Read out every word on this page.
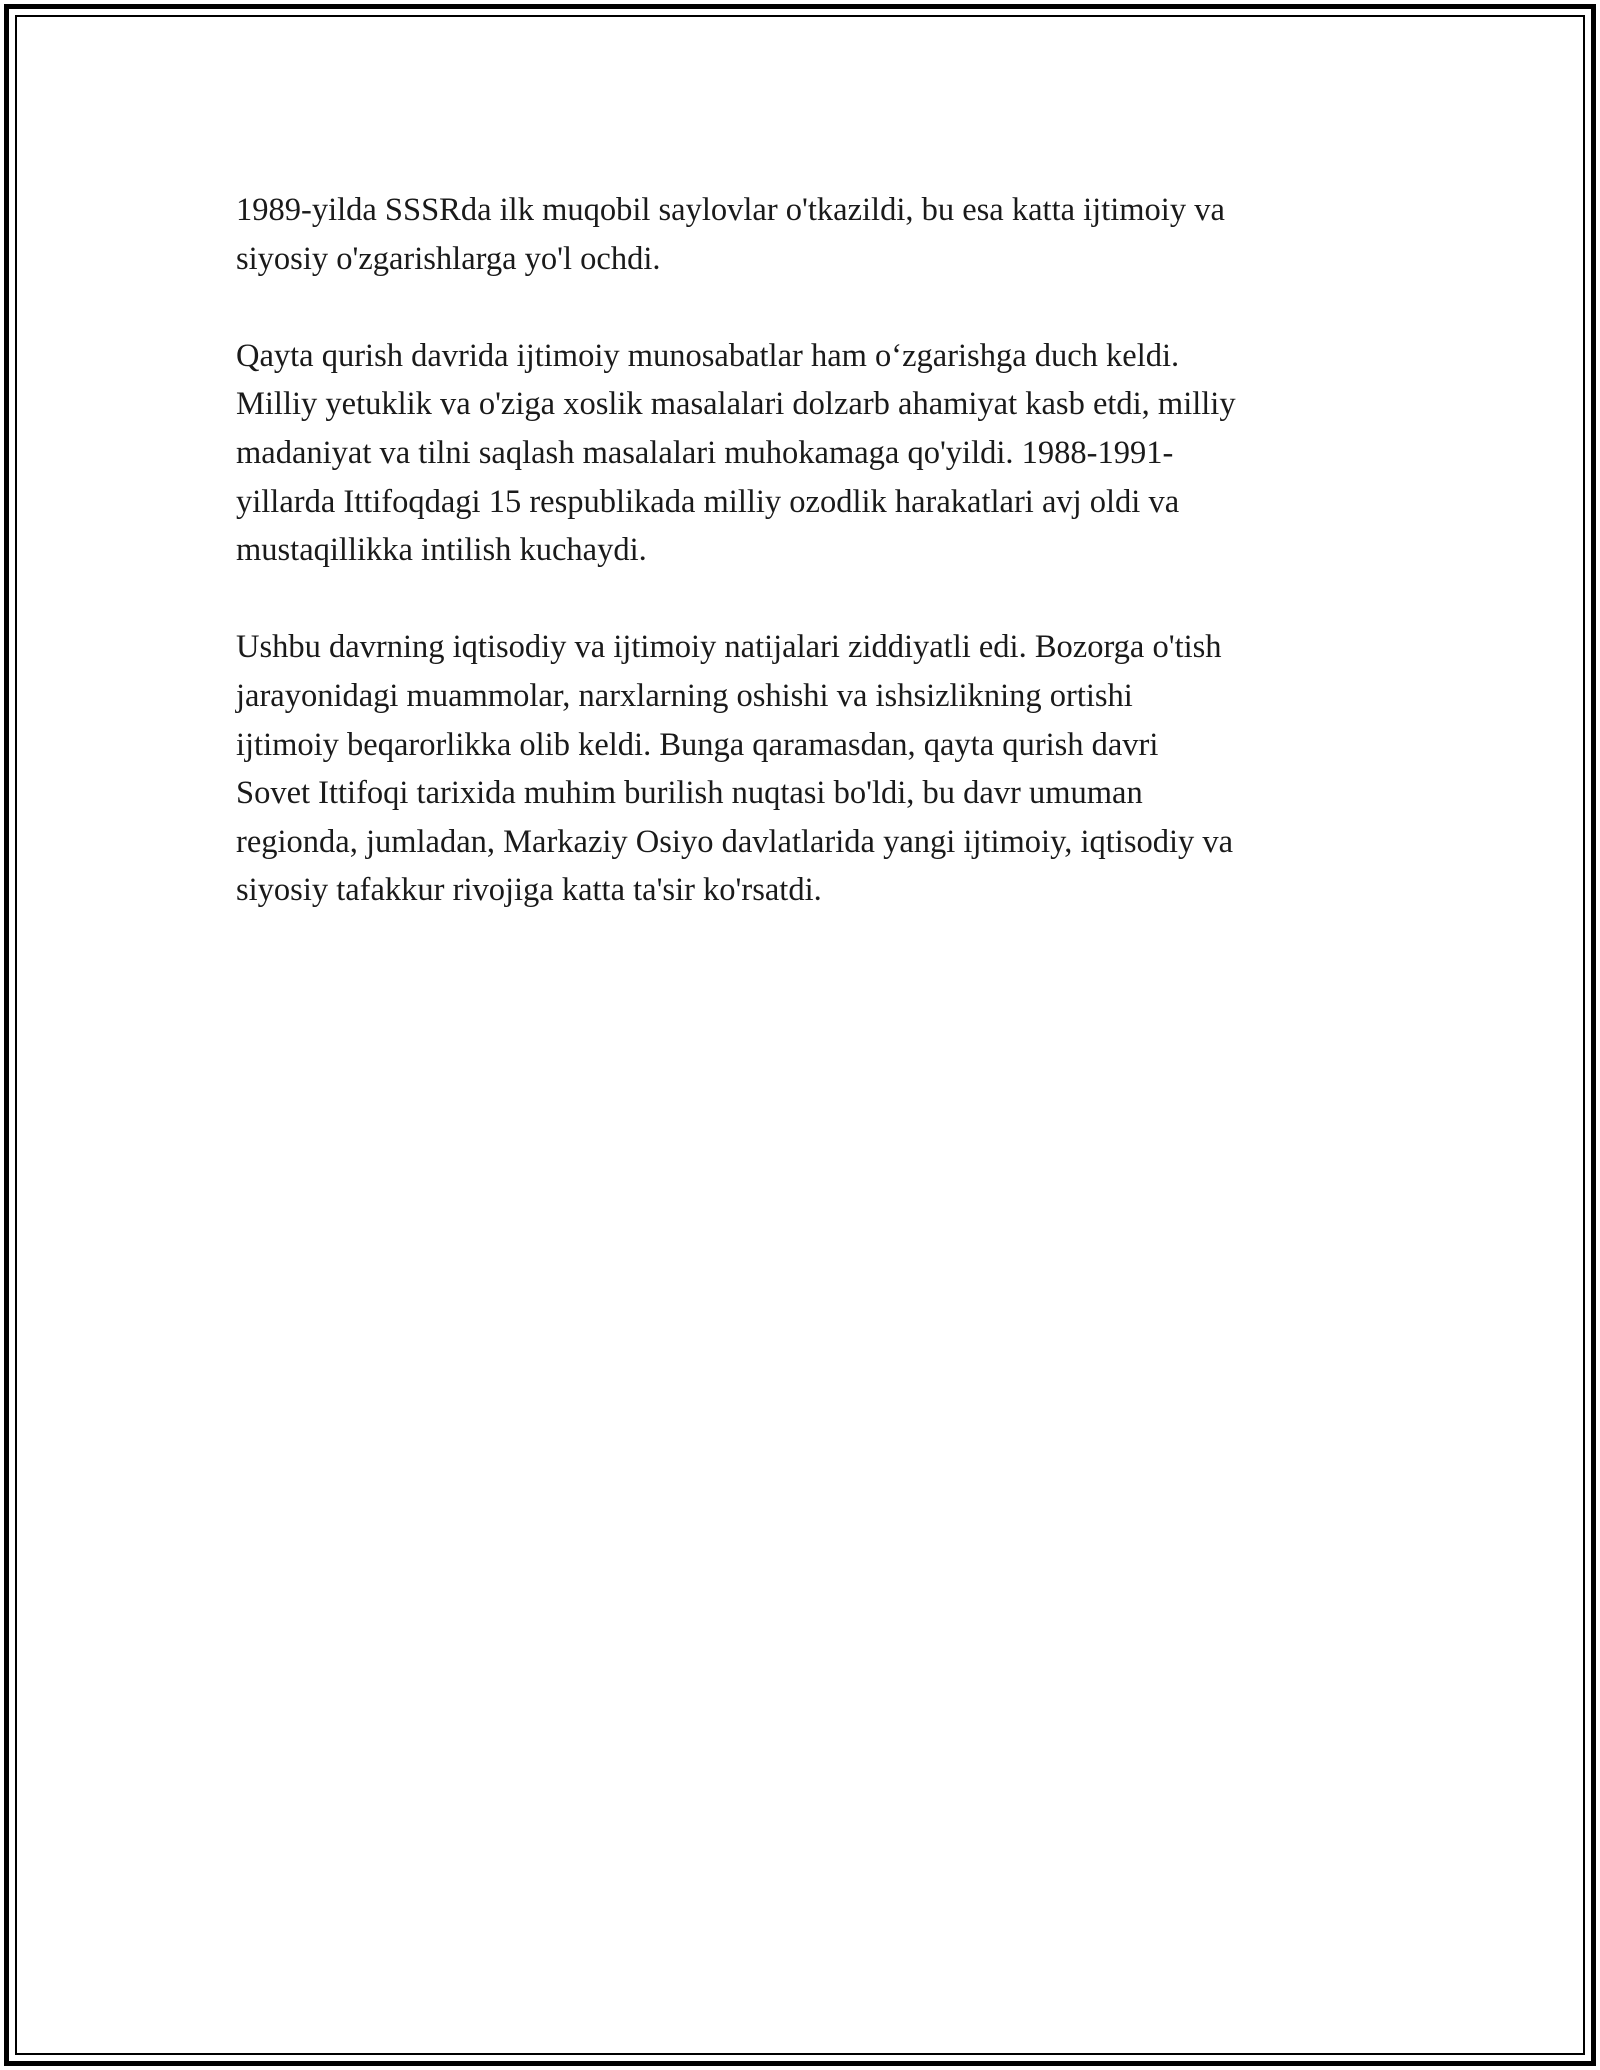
1989-yilda SSSRda ilk muqobil saylovlar o'tkazildi, bu esa katta ijtimoiy va
siyosiy o'zgarishlarga yo'l ochdi.

Qayta qurish davrida ijtimoiy munosabatlar ham o‘zgarishga duch keldi.
Milliy yetuklik va o'ziga xoslik masalalari dolzarb ahamiyat kasb etdi, milliy
madaniyat va tilni saqlash masalalari muhokamaga qo'yildi. 1988-1991-
yillarda Ittifoqdagi 15 respublikada milliy ozodlik harakatlari avj oldi va
mustaqillikka intilish kuchaydi.

Ushbu davrning iqtisodiy va ijtimoiy natijalari ziddiyatli edi. Bozorga o'tish
jarayonidagi muammolar, narxlarning oshishi va ishsizlikning ortishi
ijtimoiy beqarorlikka olib keldi. Bunga qaramasdan, qayta qurish davri
Sovet Ittifoqi tarixida muhim burilish nuqtasi bo'ldi, bu davr umuman
regionda, jumladan, Markaziy Osiyo davlatlarida yangi ijtimoiy, iqtisodiy va
siyosiy tafakkur rivojiga katta ta'sir ko'rsatdi.
